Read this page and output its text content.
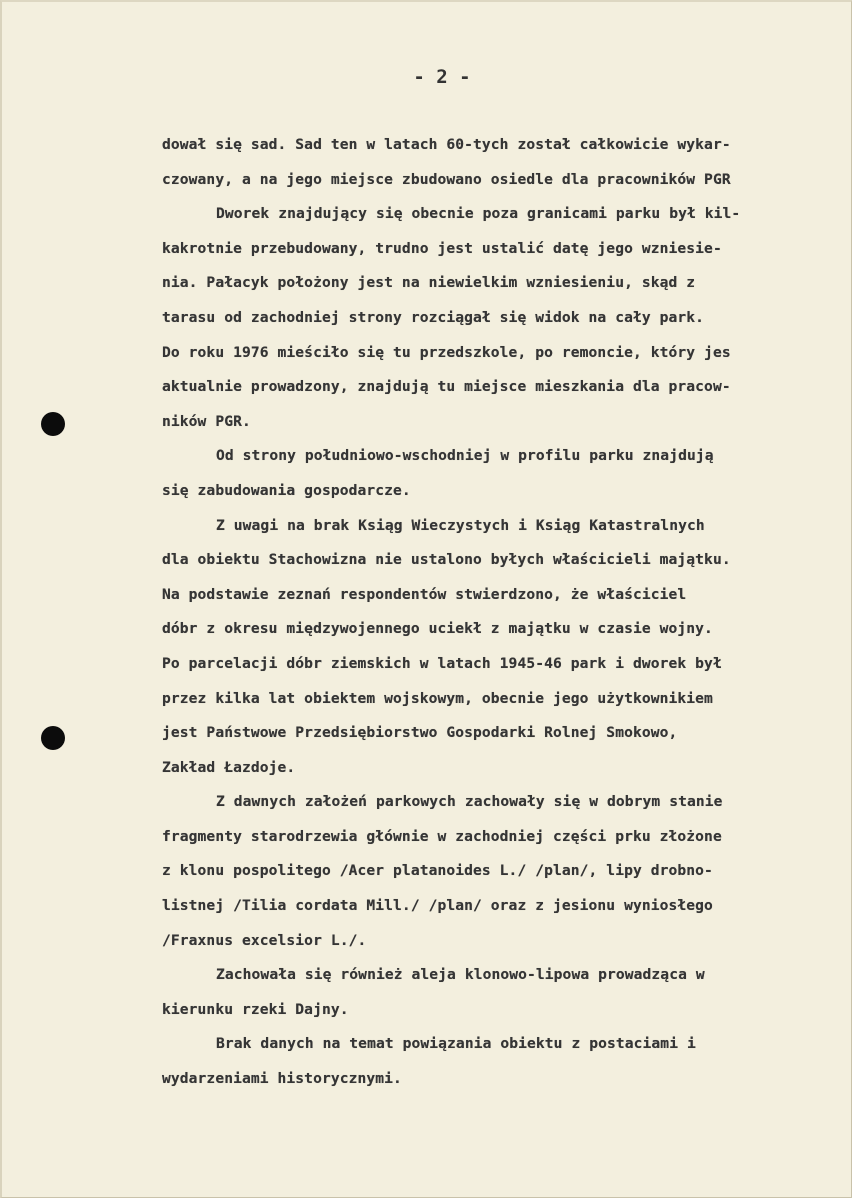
- 2 -
dował się sad. Sad ten w latach 60-tych został całkowicie wykar-
czowany, a na jego miejsce zbudowano osiedle dla pracowników PGR
Dworek znajdujący się obecnie poza granicami parku był kil-
kakrotnie przebudowany, trudno jest ustalić datę jego wzniesie-
nia. Pałacyk położony jest na niewielkim wzniesieniu, skąd z
tarasu od zachodniej strony rozciągał się widok na cały park.
Do roku 1976 mieściło się tu przedszkole, po remoncie, który jes
aktualnie prowadzony, znajdują tu miejsce mieszkania dla pracow-
ników PGR.
Od strony południowo-wschodniej w profilu parku znajdują
się zabudowania gospodarcze.
Z uwagi na brak Ksiąg Wieczystych i Ksiąg Katastralnych
dla obiektu Stachowizna nie ustalono byłych właścicieli majątku.
Na podstawie zeznań respondentów stwierdzono, że właściciel
dóbr z okresu międzywojennego uciekł z majątku w czasie wojny.
Po parcelacji dóbr ziemskich w latach 1945-46 park i dworek był
przez kilka lat obiektem wojskowym, obecnie jego użytkownikiem
jest Państwowe Przedsiębiorstwo Gospodarki Rolnej Smokowo,
Zakład Łazdoje.
Z dawnych założeń parkowych zachowały się w dobrym stanie
fragmenty starodrzewia głównie w zachodniej części prku złożone
z klonu pospolitego /Acer platanoides L./ /plan/, lipy drobno-
listnej /Tilia cordata Mill./ /plan/ oraz z jesionu wyniosłego
/Fraxnus excelsior L./.
Zachowała się również aleja klonowo-lipowa prowadząca w
kierunku rzeki Dajny.
Brak danych na temat powiązania obiektu z postaciami i
wydarzeniami historycznymi.
